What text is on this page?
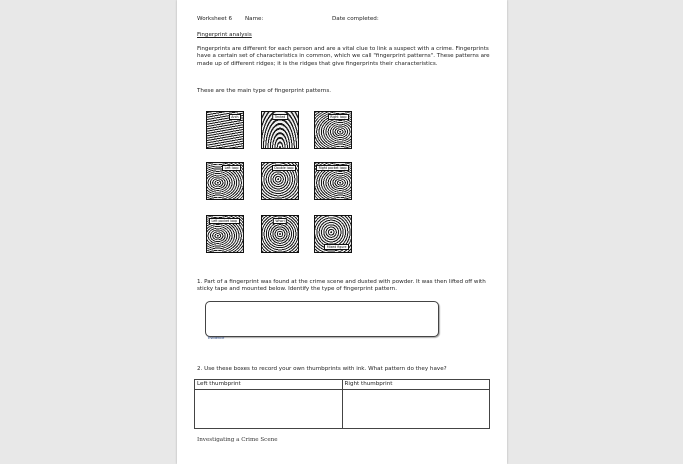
Worksheet 6 Name:	Date completed:
Fingerprint analysis
Fingerprints are different for each person and are a vital clue to link a suspect with a crime. Fingerprints have a certain set of characteristics in common, which we call "fingerprint patterns". These patterns are made up of different ridges; it is the ridges that give fingerprints their characteristics.
These are the main type of fingerprint patterns.
Arch	Tented	Right loop
Left loop	Double loop	Right pocket loop
Left pocket loop	Whorl
Mixed figure
1. Part of a fingerprint was found at the crime scene and dusted with powder. It was then lifted off with sticky tape and mounted below. Identify the type of fingerprint pattern.
Evidence
2. Use these boxes to record your own thumbprints with ink. What pattern do they have?
Left thumbprint	Right thumbprint

Investigating a Crime Scene
